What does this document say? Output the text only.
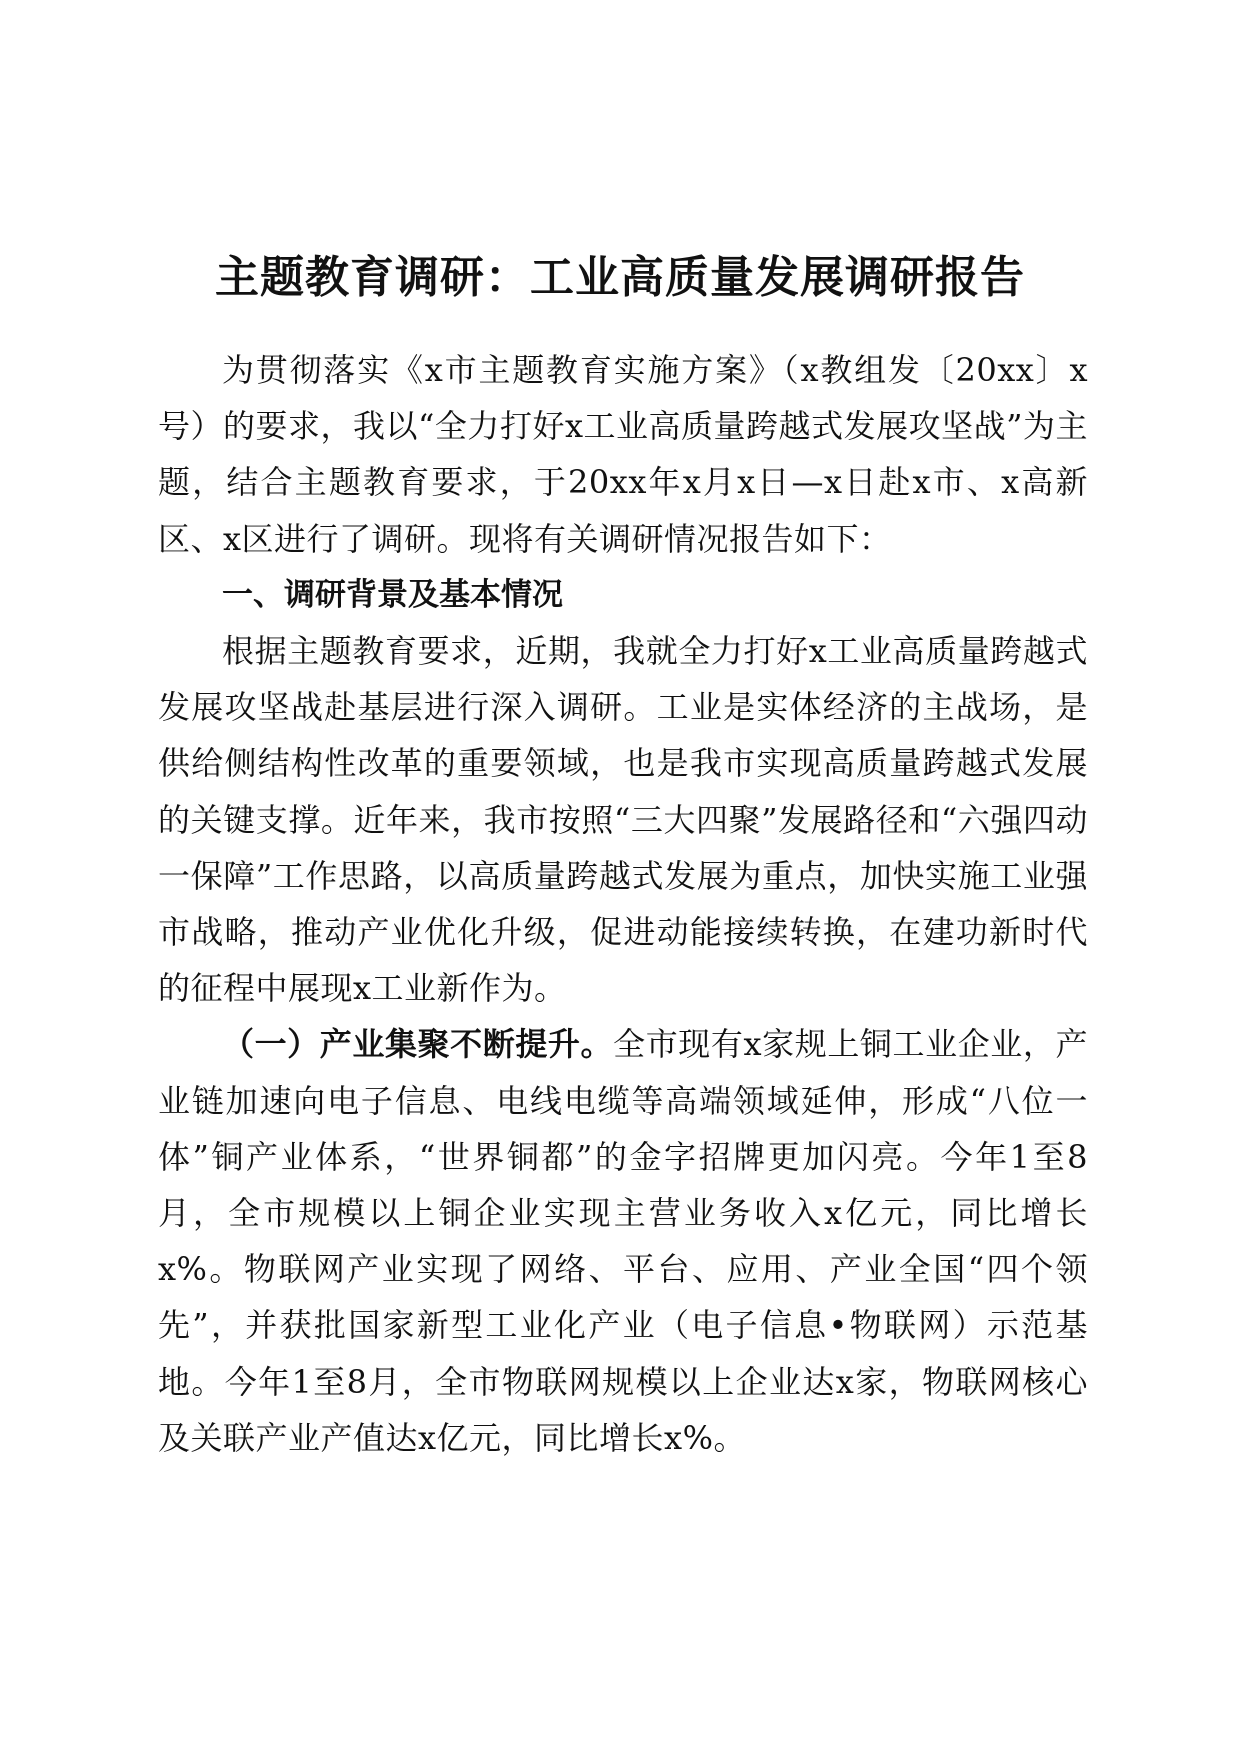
主题教育调研：工业高质量发展调研报告

为贯彻落实《x市主题教育实施方案》（x教组发〔20xx〕x号）的要求，我以“全力打好x工业高质量跨越式发展攻坚战”为主题，结合主题教育要求，于20xx年x月x日—x日赴x市、x高新区、x区进行了调研。现将有关调研情况报告如下：

一、调研背景及基本情况

根据主题教育要求，近期，我就全力打好x工业高质量跨越式发展攻坚战赴基层进行深入调研。工业是实体经济的主战场，是供给侧结构性改革的重要领域，也是我市实现高质量跨越式发展的关键支撑。近年来，我市按照“三大四聚”发展路径和“六强四动一保障”工作思路，以高质量跨越式发展为重点，加快实施工业强市战略，推动产业优化升级，促进动能接续转换，在建功新时代的征程中展现x工业新作为。

（一）产业集聚不断提升。全市现有x家规上铜工业企业，产业链加速向电子信息、电线电缆等高端领域延伸，形成“八位一体”铜产业体系，“世界铜都”的金字招牌更加闪亮。今年1至8月，全市规模以上铜企业实现主营业务收入x亿元，同比增长x%。物联网产业实现了网络、平台、应用、产业全国“四个领先”，并获批国家新型工业化产业（电子信息•物联网）示范基地。今年1至8月，全市物联网规模以上企业达x家，物联网核心及关联产业产值达x亿元，同比增长x%。
